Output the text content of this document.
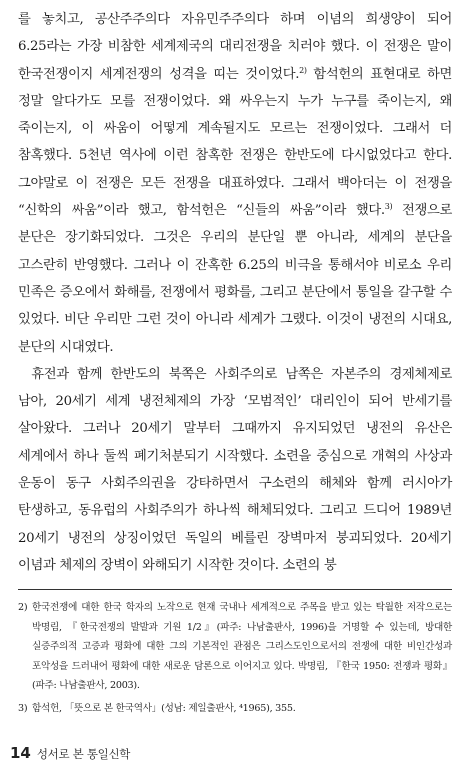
를 놓치고, 공산주주의다 자유민주주의다 하며 이념의 희생양이 되어 6.25라는 가장 비참한 세계제국의 대리전쟁을 치러야 했다. 이 전쟁은 말이 한국전쟁이지 세계전쟁의 성격을 띠는 것이었다.$^{2)}$ 함석헌의 표현대로 하면 정말 알다가도 모를 전쟁이었다. 왜 싸우는지 누가 누구를 죽이는지, 왜 죽이는지, 이 싸움이 어떻게 계속될지도 모르는 전쟁이었다. 그래서 더 참혹했다. 5천년 역사에 이런 참혹한 전쟁은 한반도에 다시없었다고 한다. 그야말로 이 전쟁은 모든 전쟁을 대표하였다. 그래서 백아더는 이 전쟁을 “신학의 싸움”이라 했고, 함석헌은 “신들의 싸움”이라 했다.$^{3)}$ 전쟁으로 분단은 장기화되었다. 그것은 우리의 분단일 뿐 아니라, 세계의 분단을 고스란히 반영했다. 그러나 이 잔혹한 6.25의 비극을 통해서야 비로소 우리 민족은 증오에서 화해를, 전쟁에서 평화를, 그리고 분단에서 통일을 갈구할 수 있었다. 비단 우리만 그런 것이 아니라 세계가 그랬다. 이것이 냉전의 시대요, 분단의 시대였다.

휴전과 함께 한반도의 북쪽은 사회주의로 남쪽은 자본주의 경제체제로 남아, 20세기 세계 냉전체제의 가장 ‘모범적인’ 대리인이 되어 반세기를 살아왔다. 그러나 20세기 말부터 그때까지 유지되었던 냉전의 유산은 세계에서 하나 둘씩 폐기처분되기 시작했다. 소련을 중심으로 개혁의 사상과 운동이 동구 사회주의권을 강타하면서 구소련의 해체와 함께 러시아가 탄생하고, 동유럽의 사회주의가 하나씩 해체되었다. 그리고 드디어 1989년 20세기 냉전의 상징이었던 독일의 베를린 장벽마저 붕괴되었다. 20세기 이념과 체제의 장벽이 와해되기 시작한 것이다. 소련의 붕

2) 한국전쟁에 대한 한국 학자의 노작으로 현재 국내나 세계적으로 주목을 받고 있는 탁월한 저작으로는 박명림, 『한국전쟁의 발발과 기원 1/2』(파주: 나남출판사, 1996)을 거명할 수 있는데, 방대한 실증주의적 고증과 평화에 대한 그의 기본적인 관점은 그리스도인으로서의 전쟁에 대한 비인간성과 포악성을 드러내어 평화에 대한 새로운 담론으로 이어지고 있다. 박명림, 『한국 1950: 전쟁과 평화』(파주: 나남출판사, 2003).
3) 함석헌, 「뜻으로 본 한국역사」(성남: 제일출판사, ⁴1965), 355.
14 성서로 본 통일신학
